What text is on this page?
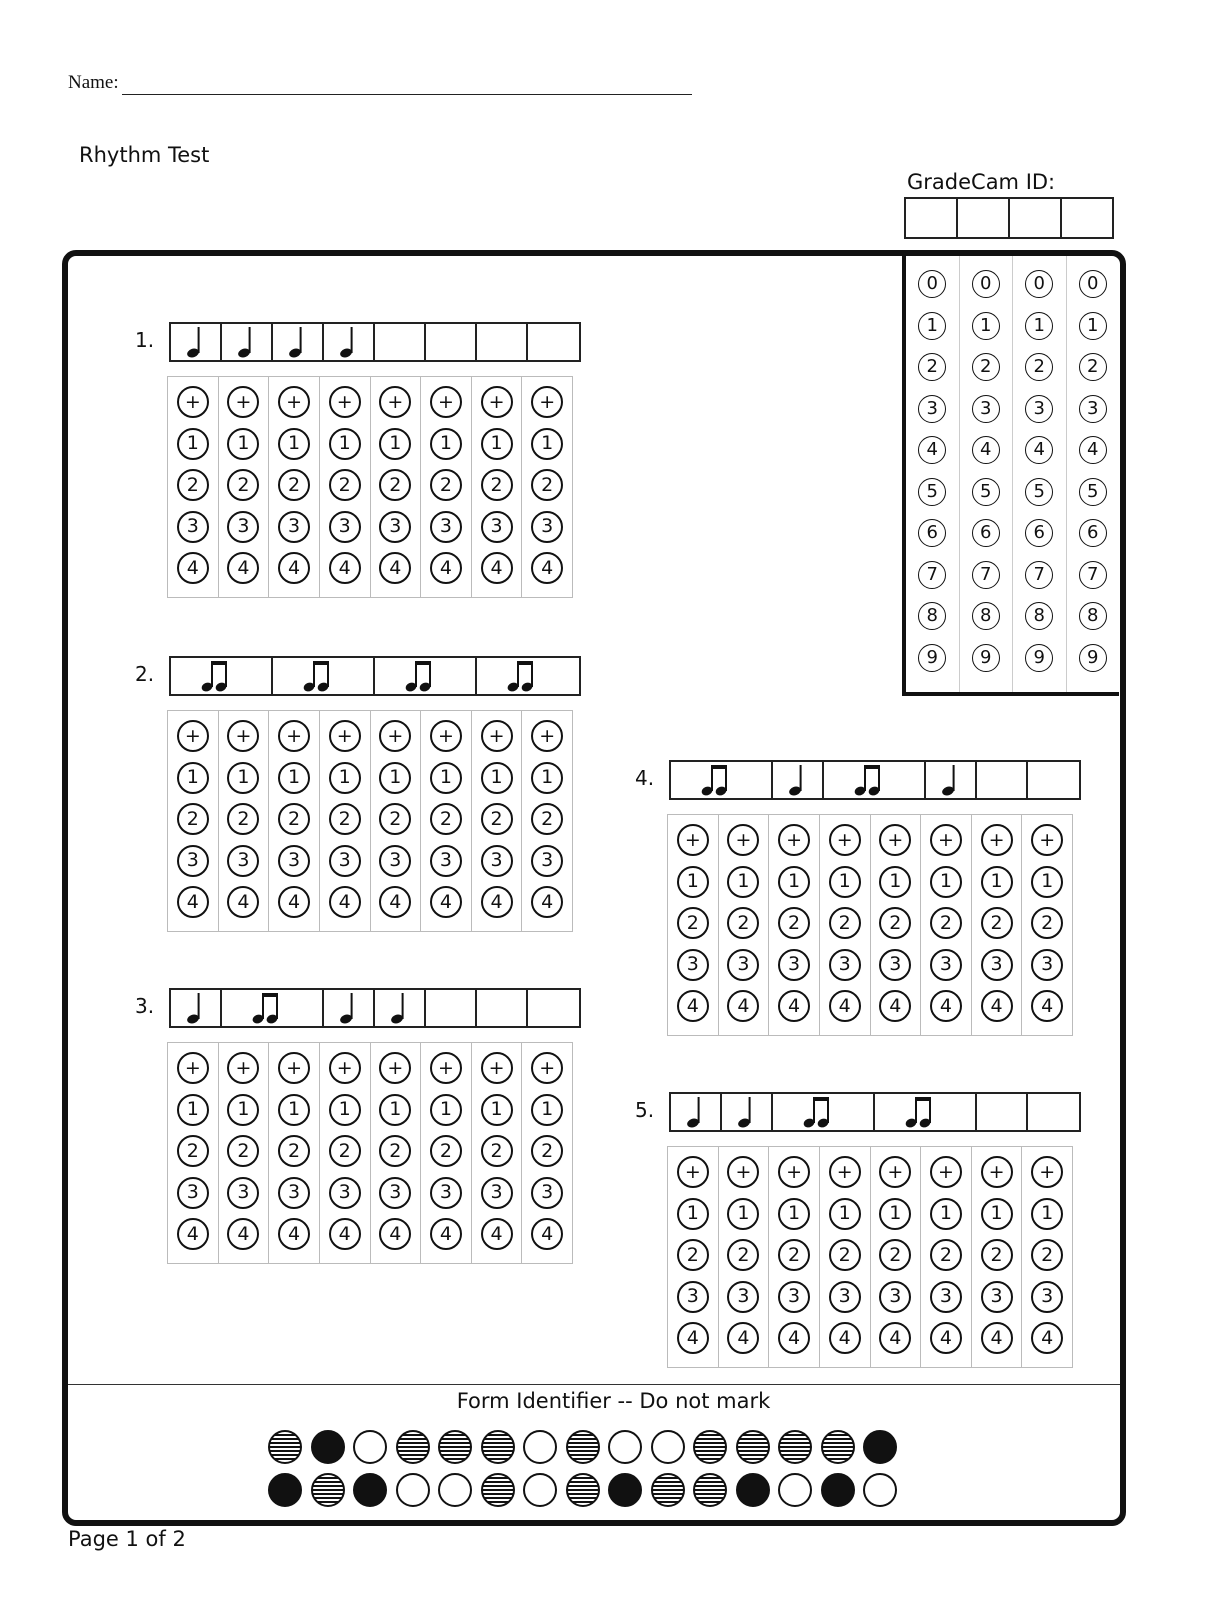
Name:
Rhythm Test
GradeCam ID:
0
1
2
3
4
5
6
7
8
9
0
1
2
3
4
5
6
7
8
9
0
1
2
3
4
5
6
7
8
9
0
1
2
3
4
5
6
7
8
9
1.
+
1
2
3
4
+
1
2
3
4
+
1
2
3
4
+
1
2
3
4
+
1
2
3
4
+
1
2
3
4
+
1
2
3
4
+
1
2
3
4
2.
+
1
2
3
4
+
1
2
3
4
+
1
2
3
4
+
1
2
3
4
+
1
2
3
4
+
1
2
3
4
+
1
2
3
4
+
1
2
3
4
3.
+
1
2
3
4
+
1
2
3
4
+
1
2
3
4
+
1
2
3
4
+
1
2
3
4
+
1
2
3
4
+
1
2
3
4
+
1
2
3
4
4.
+
1
2
3
4
+
1
2
3
4
+
1
2
3
4
+
1
2
3
4
+
1
2
3
4
+
1
2
3
4
+
1
2
3
4
+
1
2
3
4
5.
+
1
2
3
4
+
1
2
3
4
+
1
2
3
4
+
1
2
3
4
+
1
2
3
4
+
1
2
3
4
+
1
2
3
4
+
1
2
3
4
Form Identifier -- Do not mark
Page 1 of 2
